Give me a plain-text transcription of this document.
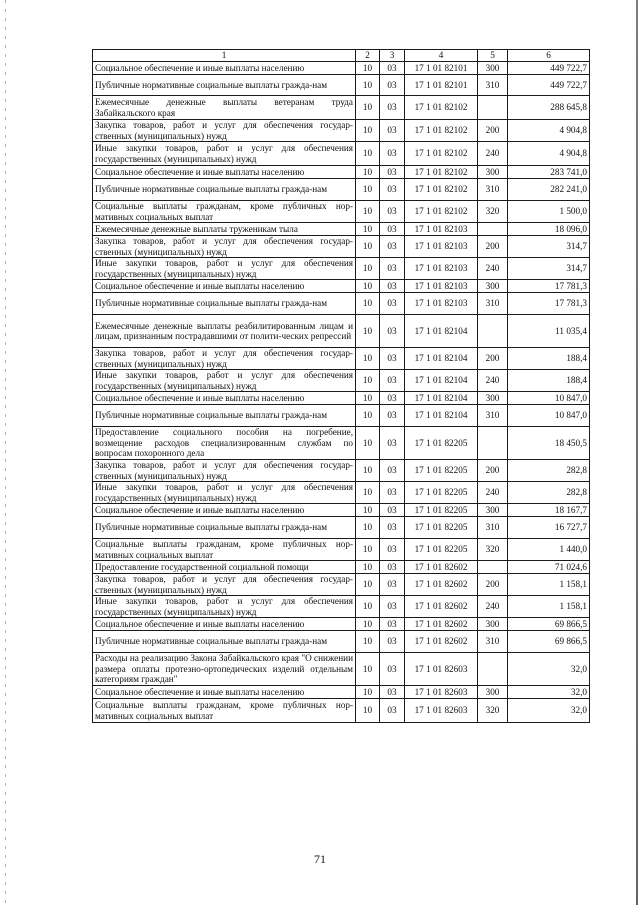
1	2	3	4	5	6
Социальное обеспечение и иные выплаты населению	10	03	17 1 01 82101	300	449 722,7
Публичные нормативные социальные выплаты граждa-нам	10	03	17 1 01 82101	310	449 722,7
Ежемесячные денежные выплаты ветеранам труда Забайкальского края	10	03	17 1 01 82102		288 645,8
Закупка товаров, работ и услуг для обеспечения государ-ственных (муниципальных) нужд	10	03	17 1 01 82102	200	4 904,8
Иные закупки товаров, работ и услуг для обеспечения государственных (муниципальных) нужд	10	03	17 1 01 82102	240	4 904,8
Социальное обеспечение и иные выплаты населению	10	03	17 1 01 82102	300	283 741,0
Публичные нормативные социальные выплаты граждa-нам	10	03	17 1 01 82102	310	282 241,0
Социальные выплаты гражданам, кроме публичных нор-мативных социальных выплат	10	03	17 1 01 82102	320	1 500,0
Ежемесячные денежные выплаты труженикам тыла	10	03	17 1 01 82103		18 096,0
Закупка товаров, работ и услуг для обеспечения государ-ственных (муниципальных) нужд	10	03	17 1 01 82103	200	314,7
Иные закупки товаров, работ и услуг для обеспечения государственных (муниципальных) нужд	10	03	17 1 01 82103	240	314,7
Социальное обеспечение и иные выплаты населению	10	03	17 1 01 82103	300	17 781,3
Публичные нормативные социальные выплаты граждa-нам	10	03	17 1 01 82103	310	17 781,3
Ежемесячные денежные выплаты реабилитированным лицам и лицам, признанным пострадавшими от полити-ческих репрессий	10	03	17 1 01 82104		11 035,4
Закупка товаров, работ и услуг для обеспечения государ-ственных (муниципальных) нужд	10	03	17 1 01 82104	200	188,4
Иные закупки товаров, работ и услуг для обеспечения государственных (муниципальных) нужд	10	03	17 1 01 82104	240	188,4
Социальное обеспечение и иные выплаты населению	10	03	17 1 01 82104	300	10 847,0
Публичные нормативные социальные выплаты граждa-нам	10	03	17 1 01 82104	310	10 847,0
Предоставление социального пособия на погребение, возмещение расходов специализированным службам по вопросам похоронного дела	10	03	17 1 01 82205		18 450,5
Закупка товаров, работ и услуг для обеспечения государ-ственных (муниципальных) нужд	10	03	17 1 01 82205	200	282,8
Иные закупки товаров, работ и услуг для обеспечения государственных (муниципальных) нужд	10	03	17 1 01 82205	240	282,8
Социальное обеспечение и иные выплаты населению	10	03	17 1 01 82205	300	18 167,7
Публичные нормативные социальные выплаты граждa-нам	10	03	17 1 01 82205	310	16 727,7
Социальные выплаты гражданам, кроме публичных нор-мативных социальных выплат	10	03	17 1 01 82205	320	1 440,0
Предоставление государственной социальной помощи	10	03	17 1 01 82602		71 024,6
Закупка товаров, работ и услуг для обеспечения государ-ственных (муниципальных) нужд	10	03	17 1 01 82602	200	1 158,1
Иные закупки товаров, работ и услуг для обеспечения государственных (муниципальных) нужд	10	03	17 1 01 82602	240	1 158,1
Социальное обеспечение и иные выплаты населению	10	03	17 1 01 82602	300	69 866,5
Публичные нормативные социальные выплаты граждa-нам	10	03	17 1 01 82602	310	69 866,5
Расходы на реализацию Закона Забайкальского края "О снижении размера оплаты протезно-ортопедических изделий отдельным категориям граждан"	10	03	17 1 01 82603		32,0
Социальное обеспечение и иные выплаты населению	10	03	17 1 01 82603	300	32,0
Социальные выплаты гражданам, кроме публичных нор-мативных социальных выплат	10	03	17 1 01 82603	320	32,0
71
